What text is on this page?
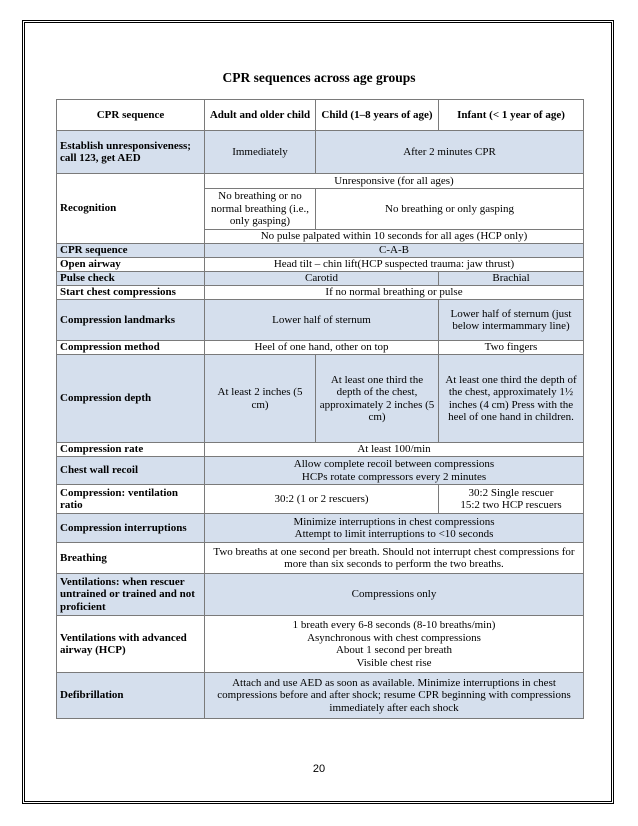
CPR sequences across age groups
CPR sequence	Adult and older child	Child (1–8 years of age)	Infant (< 1 year of age)
Establish unresponsiveness; call 123, get AED	Immediately	After 2 minutes CPR	
Recognition	Unresponsive (for all ages)		
	No breathing or no normal breathing (i.e., only gasping)	No breathing or only gasping	
	No pulse palpated within 10 seconds for all ages (HCP only)		
CPR sequence	C-A-B		
Open airway	Head tilt – chin lift(HCP suspected trauma: jaw thrust)		
Pulse check	Carotid		Brachial
Start chest compressions	If no normal breathing or pulse		
Compression landmarks	Lower half of sternum		Lower half of sternum (just below intermammary line)
Compression method	Heel of one hand, other on top		Two fingers
Compression depth	At least 2 inches (5 cm)	At least one third the depth of the chest, approximately 2 inches (5 cm)	At least one third the depth of the chest, approximately 1½ inches (4 cm) Press with the heel of one hand in children.
Compression rate	At least 100/min		
Chest wall recoil	Allow complete recoil between compressions
HCPs rotate compressors every 2 minutes		

Compression: ventilation ratio	30:2 (1 or 2 rescuers)		30:2 Single rescuer
15:2 two HCP rescuers

Compression interruptions	Minimize interruptions in chest compressions
Attempt to limit interruptions to <10 seconds		

Breathing	Two breaths at one second per breath. Should not interrupt chest compressions for more than six seconds to perform the two breaths.		
Ventilations: when rescuer untrained or trained and not proficient	Compressions only		
Ventilations with advanced airway (HCP)	1 breath every 6-8 seconds (8-10 breaths/min)
Asynchronous with chest compressions
About 1 second per breath
Visible chest rise		

Defibrillation	Attach and use AED as soon as available. Minimize interruptions in chest compressions before and after shock; resume CPR beginning with compressions immediately after each shock		
20
